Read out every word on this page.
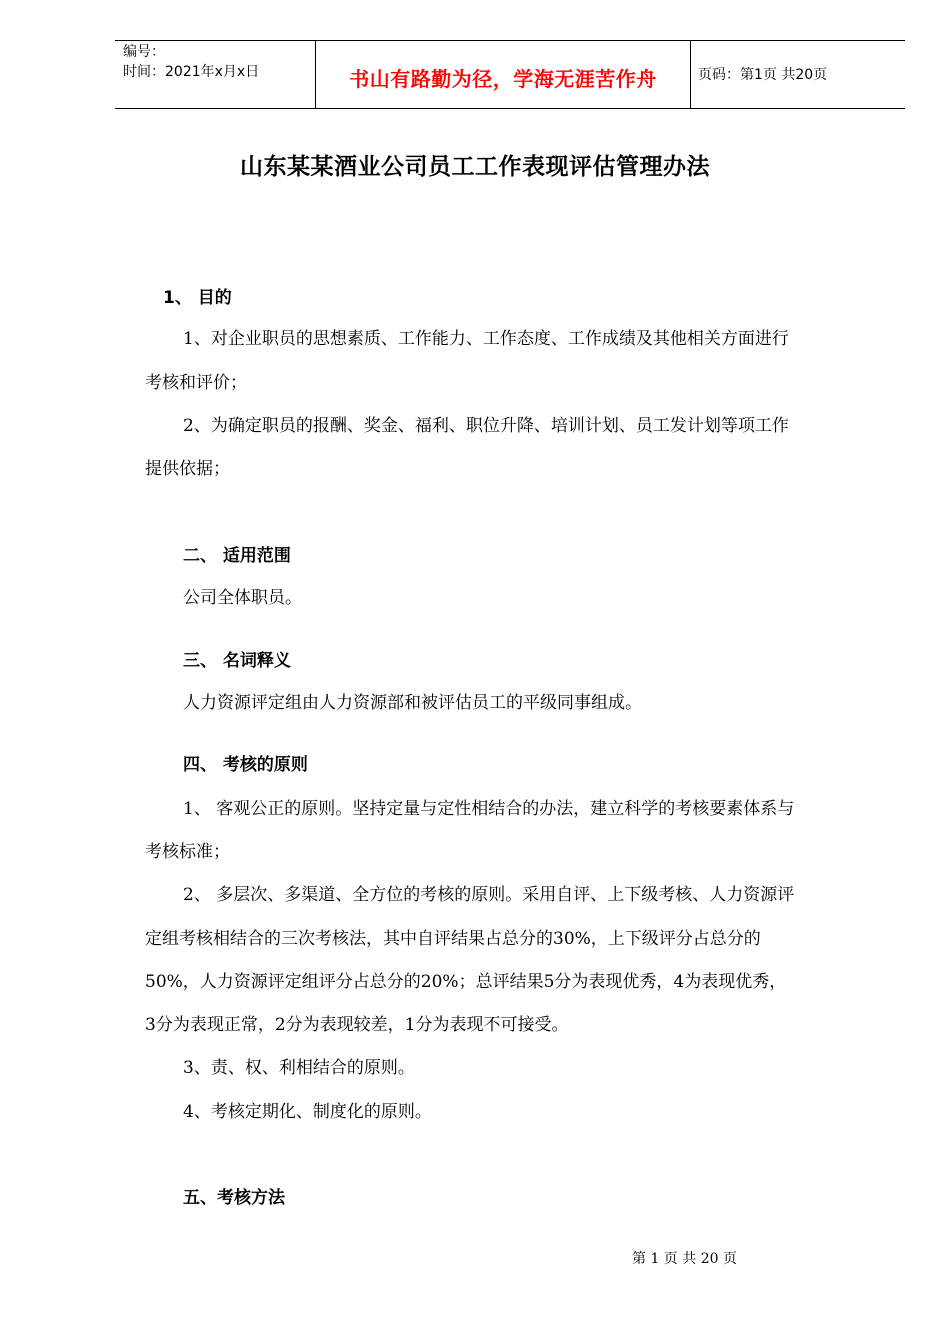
编号：
时间：2021年x月x日	书山有路勤为径，学海无涯苦作舟	页码：第1页 共20页
山东某某酒业公司员工工作表现评估管理办法
1、 目的
1、对企业职员的思想素质、工作能力、工作态度、工作成绩及其他相关方面进行
考核和评价；
2、为确定职员的报酬、奖金、福利、职位升降、培训计划、员工发计划等项工作
提供依据；
二、 适用范围
公司全体职员。
三、 名词释义
人力资源评定组由人力资源部和被评估员工的平级同事组成。
四、 考核的原则
1、 客观公正的原则。坚持定量与定性相结合的办法，建立科学的考核要素体系与
考核标准；
2、 多层次、多渠道、全方位的考核的原则。采用自评、上下级考核、人力资源评
定组考核相结合的三次考核法，其中自评结果占总分的30%，上下级评分占总分的
50%，人力资源评定组评分占总分的20%；总评结果5分为表现优秀，4为表现优秀，
3分为表现正常，2分为表现较差，1分为表现不可接受。
3、责、权、利相结合的原则。
4、考核定期化、制度化的原则。
五、考核方法
第 1 页 共 20 页
